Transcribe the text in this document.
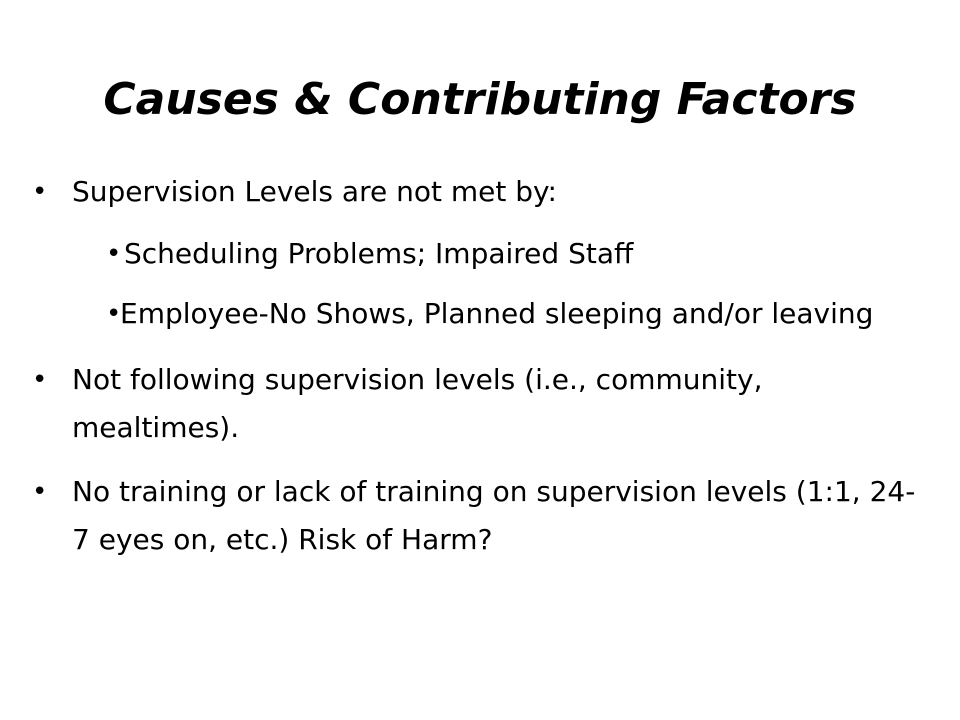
Causes & Contributing Factors
• Supervision Levels are not met by:
• Scheduling Problems; Impaired Staff
•
Employee-No Shows, Planned sleeping and/or leaving
• Not following supervision levels (i.e., community, mealtimes).
• No training or lack of training on supervision levels (1:1, 24-7 eyes on, etc.) Risk of Harm?
